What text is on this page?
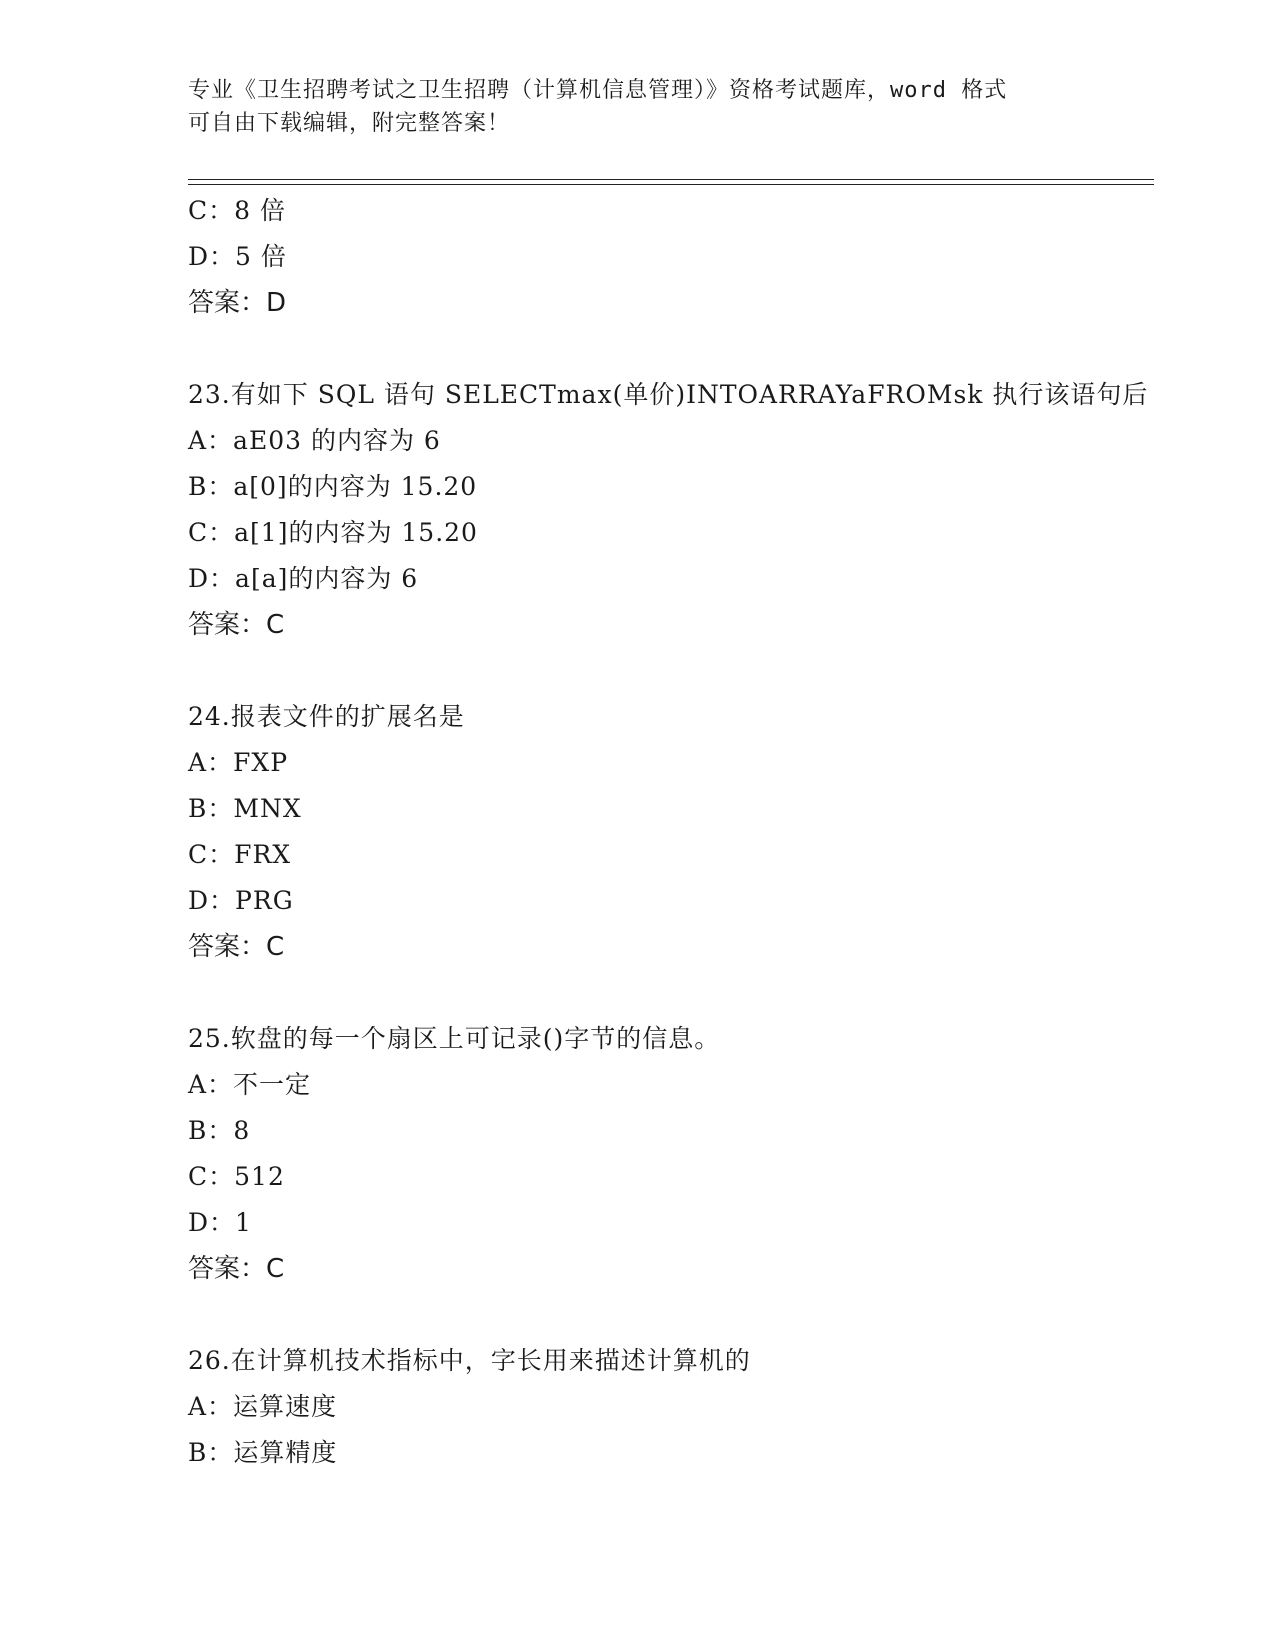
专业《卫生招聘考试之卫生招聘（计算机信息管理）》资格考试题库，word 格式
可自由下载编辑，附完整答案！
C：8 倍
D：5 倍
答案：D
23.有如下 SQL 语句 SELECTmax(单价)INTOARRAYaFROMsk 执行该语句后
A：aE03 的内容为 6
B：a[0]的内容为 15.20
C：a[1]的内容为 15.20
D：a[a]的内容为 6
答案：C
24.报表文件的扩展名是
A：FXP
B：MNX
C：FRX
D：PRG
答案：C
25.软盘的每一个扇区上可记录()字节的信息。
A：不一定
B：8
C：512
D：1
答案：C
26.在计算机技术指标中，字长用来描述计算机的
A：运算速度
B：运算精度
